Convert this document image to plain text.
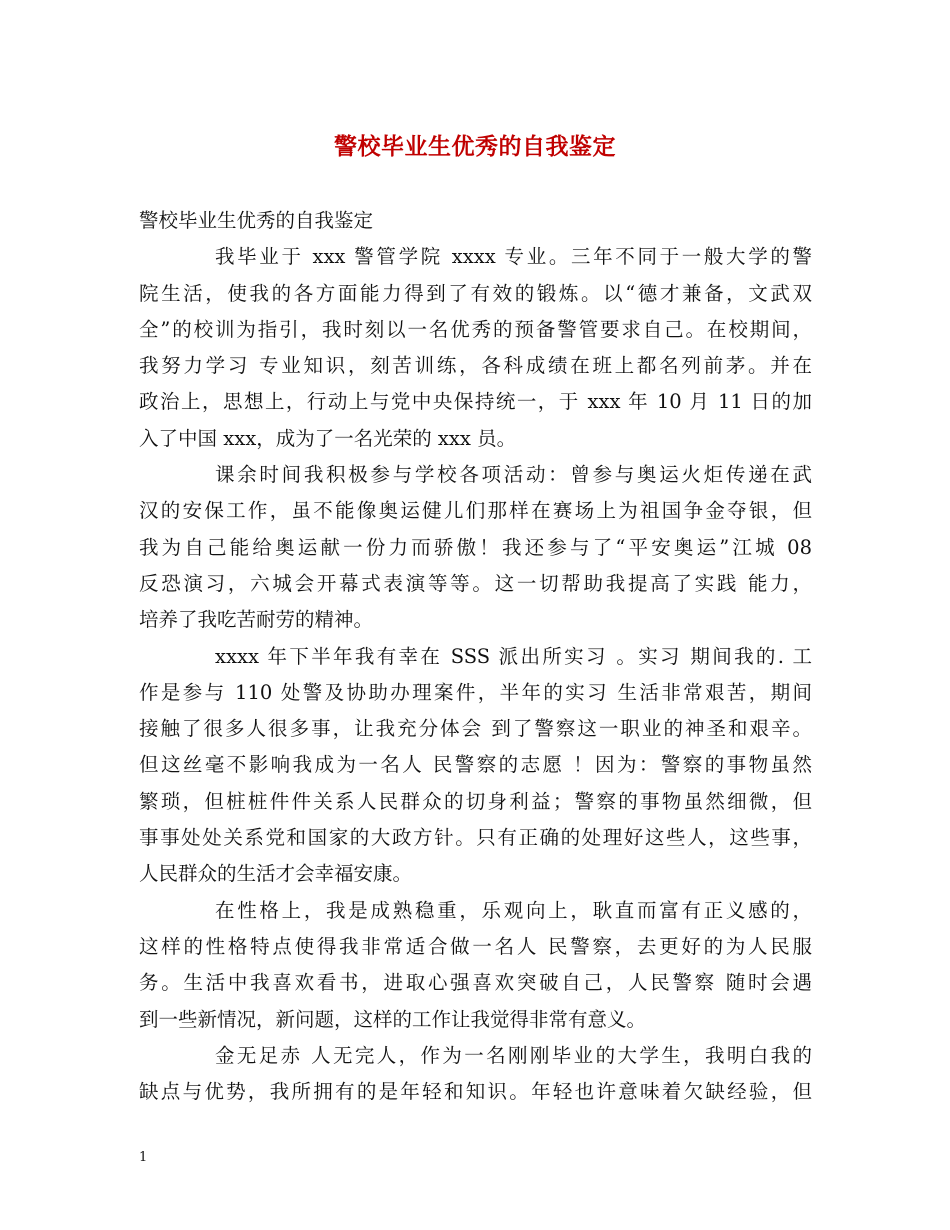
警校毕业生优秀的自我鉴定
警校毕业生优秀的自我鉴定
我毕业于 xxx 警管学院 xxxx 专业。三年不同于一般大学的警
院生活，使我的各方面能力得到了有效的锻炼。以“德才兼备，文武双
全”的校训为指引，我时刻以一名优秀的预备警管要求自己。在校期间，
我努力学习 专业知识，刻苦训练，各科成绩在班上都名列前茅。并在
政治上，思想上，行动上与党中央保持统一，于 xxx 年 10 月 11 日的加
入了中国 xxx，成为了一名光荣的 xxx 员。
课余时间我积极参与学校各项活动：曾参与奥运火炬传递在武
汉的安保工作，虽不能像奥运健儿们那样在赛场上为祖国争金夺银，但
我为自己能给奥运献一份力而骄傲！我还参与了“平安奥运”江城 08
反恐演习，六城会开幕式表演等等。这一切帮助我提高了实践 能力，
培养了我吃苦耐劳的精神。
xxxx 年下半年我有幸在 SSS 派出所实习 。实习 期间我的. 工
作是参与 110 处警及协助办理案件，半年的实习 生活非常艰苦，期间
接触了很多人很多事，让我充分体会 到了警察这一职业的神圣和艰辛。
但这丝毫不影响我成为一名人 民警察的志愿 ！因为：警察的事物虽然
繁琐，但桩桩件件关系人民群众的切身利益；警察的事物虽然细微，但
事事处处关系党和国家的大政方针。只有正确的处理好这些人，这些事，
人民群众的生活才会幸福安康。
在性格上，我是成熟稳重，乐观向上，耿直而富有正义感的，
这样的性格特点使得我非常适合做一名人 民警察，去更好的为人民服
务。生活中我喜欢看书，进取心强喜欢突破自己，人民警察 随时会遇
到一些新情况，新问题，这样的工作让我觉得非常有意义。
金无足赤 人无完人，作为一名刚刚毕业的大学生，我明白我的
缺点与优势，我所拥有的是年轻和知识。年轻也许意味着欠缺经验，但
1
